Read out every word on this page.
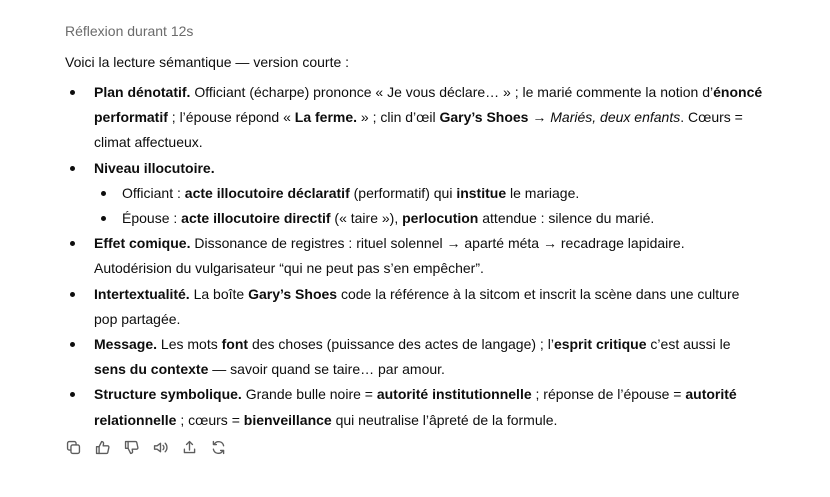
Réflexion durant 12s
Voici la lecture sémantique — version courte :
Plan dénotatif. Officiant (écharpe) prononce « Je vous déclare… » ; le marié commente la notion d’énoncé performatif ; l’épouse répond « La ferme. » ; clin d’œil Gary’s Shoes → Mariés, deux enfants. Cœurs = climat affectueux.
Niveau illocutoire.
Officiant : acte illocutoire déclaratif (performatif) qui institue le mariage.
Épouse : acte illocutoire directif (« taire »), perlocution attendue : silence du marié.
Effet comique. Dissonance de registres : rituel solennel → aparté méta → recadrage lapidaire. Autodérision du vulgarisateur “qui ne peut pas s’en empêcher”.
Intertextualité. La boîte Gary’s Shoes code la référence à la sitcom et inscrit la scène dans une culture pop partagée.
Message. Les mots font des choses (puissance des actes de langage) ; l’esprit critique c’est aussi le sens du contexte — savoir quand se taire… par amour.
Structure symbolique. Grande bulle noire = autorité institutionnelle ; réponse de l’épouse = autorité relationnelle ; cœurs = bienveillance qui neutralise l’âpreté de la formule.
